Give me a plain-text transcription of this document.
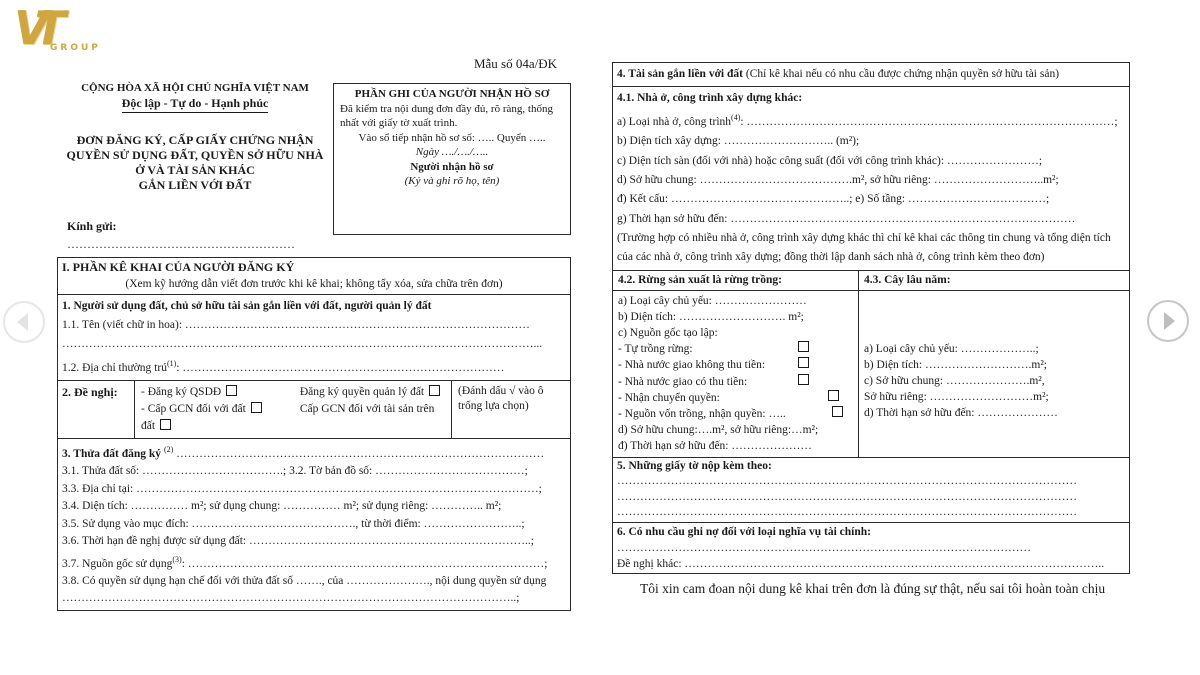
VT GROUP
Mẫu số 04a/ĐK
CỘNG HÒA XÃ HỘI CHỦ NGHĨA VIỆT NAM
Độc lập - Tự do - Hạnh phúc
ĐƠN ĐĂNG KÝ, CẤP GIẤY CHỨNG NHẬN
QUYỀN SỬ DỤNG ĐẤT, QUYỀN SỞ HỮU NHÀ
Ở VÀ TÀI SẢN KHÁC
GẮN LIỀN VỚI ĐẤT
Kính gửi: …………………………………………………
PHẦN GHI CỦA NGƯỜI NHẬN HỒ SƠ
Đã kiểm tra nội dung đơn đầy đủ, rõ ràng, thống nhất với giấy tờ xuất trình.
Vào sổ tiếp nhận hồ sơ số: ….. Quyển …..
Ngày …./…./…..
Người nhận hồ sơ
(Ký và ghi rõ họ, tên)
I. PHẦN KÊ KHAI CỦA NGƯỜI ĐĂNG KÝ
(Xem kỹ hướng dẫn viết đơn trước khi kê khai; không tẩy xóa, sửa chữa trên đơn)
1. Người sử dụng đất, chủ sở hữu tài sản gắn liền với đất, người quản lý đất
1.1. Tên (viết chữ in hoa): ………………………………………………………………………………
……………………………………………………………………………………………………………...
1.2. Địa chỉ thường trú$^{(1)}$: …………………………………………………………………………
2. Đề nghị:	- Đăng ký QSDĐ	Đăng ký quyền quản lý đất
- Cấp GCN đối với đất	Cấp GCN đối với tài sản trên đất
(Đánh dấu √ vào ô trống lựa chọn)
3. Thửa đất đăng ký $^{(2)}$ ……………………………………………………………………………………
3.1. Thửa đất số: ……………………………….; 3.2. Tờ bản đồ số: …………………………………;
3.3. Địa chỉ tại: ……………………………………………………………………………………………;
3.4. Diện tích: …………… m²; sử dụng chung: …………… m²; sử dụng riêng: ………….. m²;
3.5. Sử dụng vào mục đích: ……………………………………., từ thời điểm: ……………………..;
3.6. Thời hạn đề nghị được sử dụng đất: ………………………………………………………………..;
3.7. Nguồn gốc sử dụng$^{(3)}$: …………………………………………………………………………………;
3.8. Có quyền sử dụng hạn chế đối với thửa đất số ……., của …………………., nội dung quyền sử dụng
………………………………………………………………………………………………………..;
4. Tài sản gắn liền với đất (Chỉ kê khai nếu có nhu cầu được chứng nhận quyền sở hữu tài sản)
4.1. Nhà ở, công trình xây dựng khác:
a) Loại nhà ở, công trình$^{(4)}$: ……………………………………………………………………………………;
b) Diện tích xây dựng: ……………………….. (m²);
c) Diện tích sàn (đối với nhà) hoặc công suất (đối với công trình khác): ……………………;
d) Sở hữu chung: ………………………………….m², sở hữu riêng: ………………………..m²;
đ) Kết cấu: ………………………………………..; e) Số tầng: ………………………………;
g) Thời hạn sở hữu đến: ………………………………………………………………………………
(Trường hợp có nhiều nhà ở, công trình xây dựng khác thì chỉ kê khai các thông tin chung và tổng diện tích của các nhà ở, công trình xây dựng; đồng thời lập danh sách nhà ở, công trình kèm theo đơn)
4.2. Rừng sản xuất là rừng trồng:
a) Loại cây chủ yếu: ……………………
b) Diện tích: ………………………. m²;
c) Nguồn gốc tạo lập:
- Tự trồng rừng:
- Nhà nước giao không thu tiền:
- Nhà nước giao có thu tiền:
- Nhận chuyển quyền:
- Nguồn vốn trồng, nhận quyền: …..
d) Sở hữu chung:….m², sở hữu riêng:…m²;
đ) Thời hạn sở hữu đến: …………………
4.3. Cây lâu năm:
a) Loại cây chủ yếu: ………………..;
b) Diện tích: ……………………….m²;
c) Sở hữu chung: ………………….m²,
Sở hữu riêng: ………………………m²;
d) Thời hạn sở hữu đến: …………………
5. Những giấy tờ nộp kèm theo:
…………………………………………………………………………………………………………
…………………………………………………………………………………………………………
…………………………………………………………………………………………………………
6. Có nhu cầu ghi nợ đối với loại nghĩa vụ tài chính:
………………………………………………………………………………………………
Đề nghị khác: ………………………………………………………………………………………………..
Tôi xin cam đoan nội dung kê khai trên đơn là đúng sự thật, nếu sai tôi hoàn toàn chịu
